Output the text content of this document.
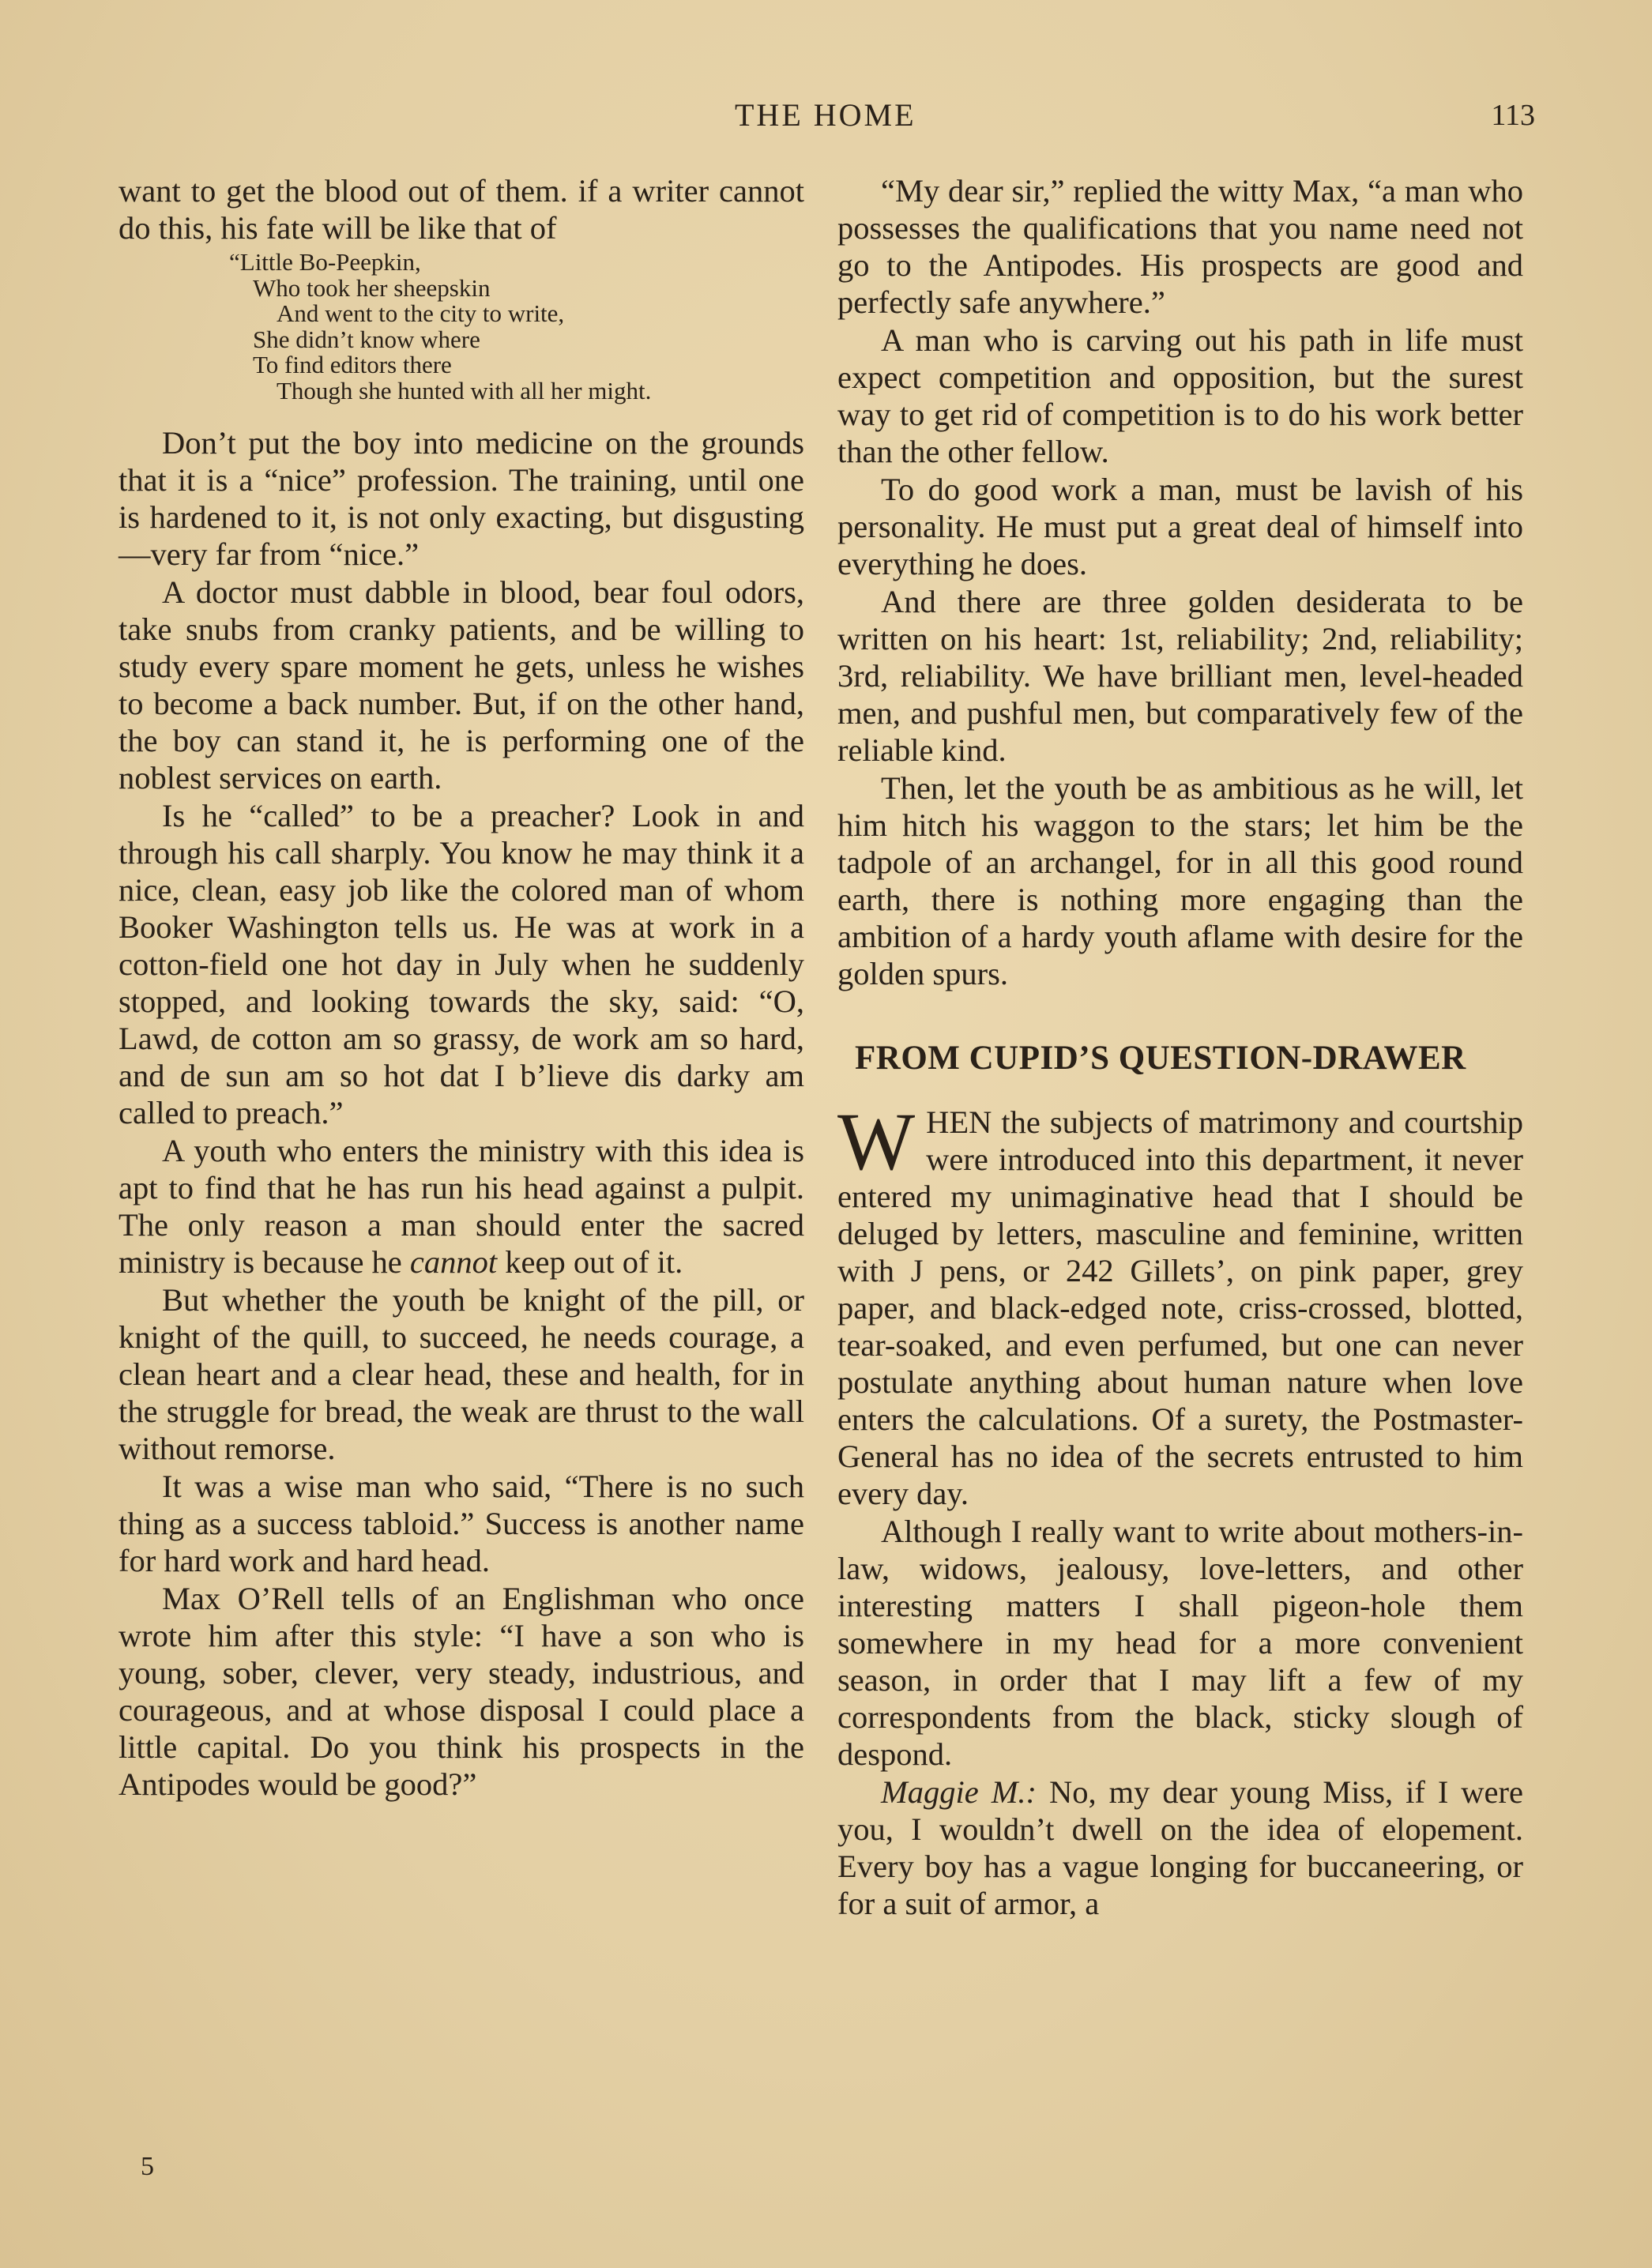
THE HOME	113

want to get the blood out of them. if a writer cannot do this, his fate will be like that of

“Little Bo-Peepkin,
Who took her sheepskin
And went to the city to write,
She didn’t know where
To find editors there
Though she hunted with all her might.

Don’t put the boy into medicine on the grounds that it is a “nice” profession. The training, until one is hardened to it, is not only exacting, but disgusting—very far from “nice.”

A doctor must dabble in blood, bear foul odors, take snubs from cranky patients, and be willing to study every spare moment he gets, unless he wishes to become a back number. But, if on the other hand, the boy can stand it, he is performing one of the noblest services on earth.

Is he “called” to be a preacher? Look in and through his call sharply. You know he may think it a nice, clean, easy job like the colored man of whom Booker Washington tells us. He was at work in a cotton-field one hot day in July when he suddenly stopped, and looking towards the sky, said: “O, Lawd, de cotton am so grassy, de work am so hard, and de sun am so hot dat I b’lieve dis darky am called to preach.”

A youth who enters the ministry with this idea is apt to find that he has run his head against a pulpit. The only reason a man should enter the sacred ministry is because he cannot keep out of it.

But whether the youth be knight of the pill, or knight of the quill, to succeed, he needs courage, a clean heart and a clear head, these and health, for in the struggle for bread, the weak are thrust to the wall without remorse.

It was a wise man who said, “There is no such thing as a success tabloid.” Success is another name for hard work and hard head.

Max O’Rell tells of an Englishman who once wrote him after this style: “I have a son who is young, sober, clever, very steady, industrious, and courageous, and at whose disposal I could place a little capital. Do you think his prospects in the Antipodes would be good?”

“My dear sir,” replied the witty Max, “a man who possesses the qualifications that you name need not go to the Antipodes. His prospects are good and perfectly safe anywhere.”

A man who is carving out his path in life must expect competition and opposition, but the surest way to get rid of competition is to do his work better than the other fellow.

To do good work a man, must be lavish of his personality. He must put a great deal of himself into everything he does.

And there are three golden desiderata to be written on his heart: 1st, reliability; 2nd, reliability; 3rd, reliability. We have brilliant men, level-headed men, and pushful men, but comparatively few of the reliable kind.

Then, let the youth be as ambitious as he will, let him hitch his waggon to the stars; let him be the tadpole of an archangel, for in all this good round earth, there is nothing more engaging than the ambition of a hardy youth aflame with desire for the golden spurs.

FROM CUPID’S QUESTION-DRAWER

WHEN the subjects of matrimony and courtship were introduced into this department, it never entered my unimaginative head that I should be deluged by letters, masculine and feminine, written with J pens, or 242 Gillets’, on pink paper, grey paper, and black-edged note, criss-crossed, blotted, tear-soaked, and even perfumed, but one can never postulate anything about human nature when love enters the calculations. Of a surety, the Postmaster-General has no idea of the secrets entrusted to him every day.

Although I really want to write about mothers-in-law, widows, jealousy, love-letters, and other interesting matters I shall pigeon-hole them somewhere in my head for a more convenient season, in order that I may lift a few of my correspondents from the black, sticky slough of despond.

Maggie M.: No, my dear young Miss, if I were you, I wouldn’t dwell on the idea of elopement. Every boy has a vague longing for buccaneering, or for a suit of armor, a

5
